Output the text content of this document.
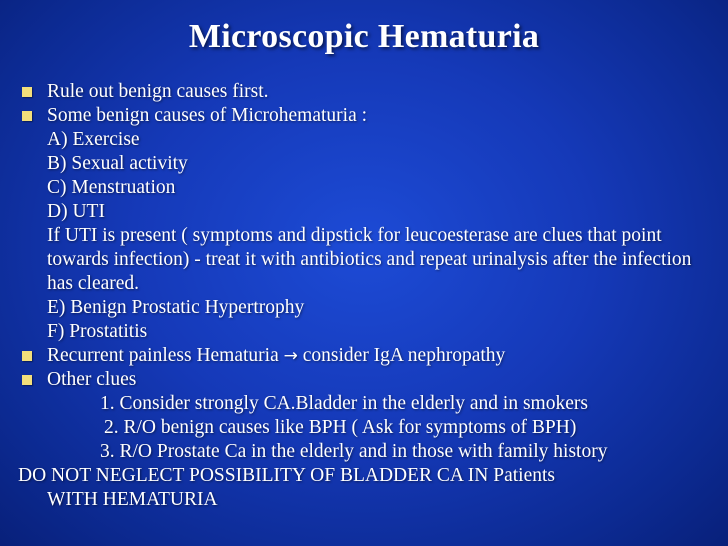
Microscopic Hematuria
Rule out benign causes first.
Some benign causes of Microhematuria :
A) Exercise
B) Sexual activity
C) Menstruation
D) UTI
If UTI is present ( symptoms and dipstick for leucoesterase are clues that point towards infection) - treat it with antibiotics and repeat urinalysis after the infection has cleared.
E) Benign Prostatic Hypertrophy
F) Prostatitis
Recurrent painless Hematuria → consider IgA nephropathy
Other clues
1. Consider strongly CA.Bladder in the elderly and in smokers
2. R/O benign causes like BPH ( Ask for symptoms of BPH)
3. R/O Prostate Ca in the elderly and in those with family history
DO NOT NEGLECT POSSIBILITY OF BLADDER CA IN Patients
WITH HEMATURIA
